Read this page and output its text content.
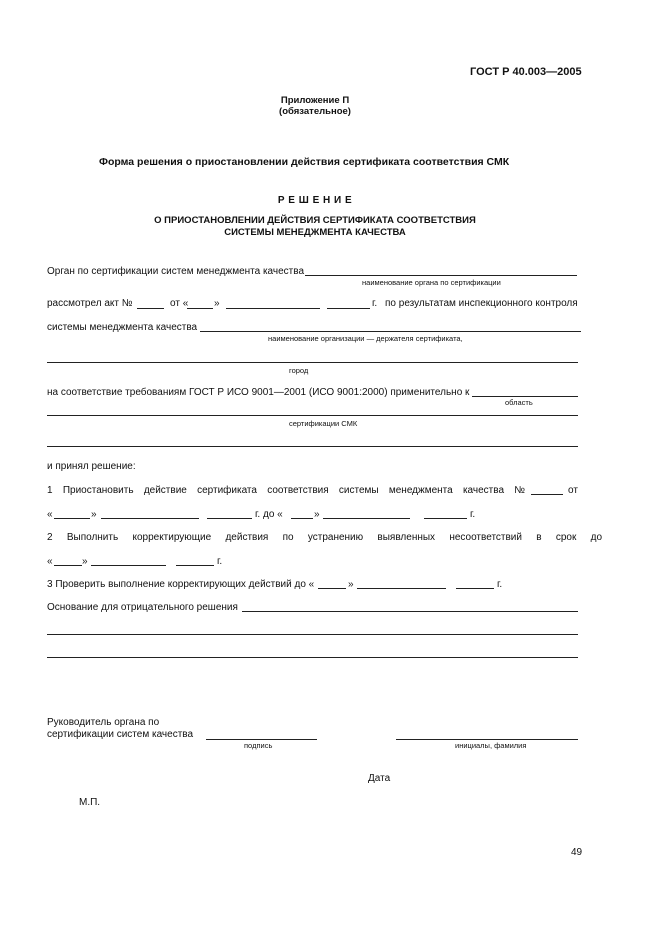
ГОСТ Р 40.003—2005
Приложение П
(обязательное)
Форма решения о приостановлении действия сертификата соответствия СМК
Р Е Ш Е Н И Е
О ПРИОСТАНОВЛЕНИИ ДЕЙСТВИЯ СЕРТИФИКАТА СООТВЕТСТВИЯ
СИСТЕМЫ МЕНЕДЖМЕНТА КАЧЕСТВА
Орган по сертификации систем менеджмента качества
наименование органа по сертификации
рассмотрел акт №	от «	»	г. по результатам инспекционного контроля
системы менеджмента качества
наименование организации — держателя сертификата,
город
на соответствие требованиям ГОСТ Р ИСО 9001—2001 (ИСО 9001:2000) применительно к
область
сертификации СМК
и принял решение:
1 Приостановить действие сертификата соответствия системы менеджмента качества №	от
«	»	г. до «	»	г.
2 Выполнить корректирующие действия по устранению выявленных несоответствий в срок до
«	»	г.
3 Проверить выполнение корректирующих действий до «	»	г.
Основание для отрицательного решения
Руководитель органа по
сертификации систем качества
подпись	инициалы, фамилия
Дата
М.П.
49
